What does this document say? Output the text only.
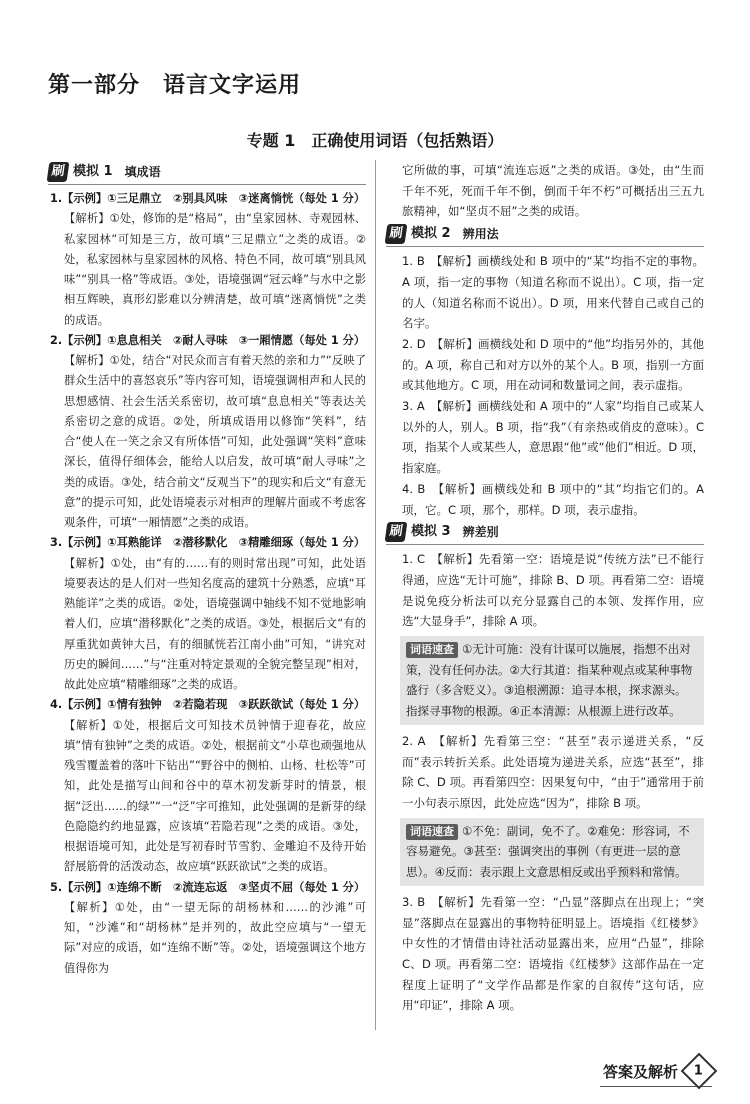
第一部分　语言文字运用
专题 1　正确使用词语（包括熟语）
刷 模拟 1 填成语

1.【示例】①三足鼎立　②别具风味　③迷离惝恍（每处 1 分）

【解析】①处，修饰的是“格局”，由“皇家园林、寺观园林、私家园林”可知是三方，故可填“三足鼎立”之类的成语。②处，私家园林与皇家园林的风格、特色不同，故可填“别具风味”“别具一格”等成语。③处，语境强调“冠云峰”与水中之影相互辉映，真形幻影难以分辨清楚，故可填“迷离惝恍”之类的成语。

2.【示例】①息息相关　②耐人寻味　③一厢情愿（每处 1 分）

【解析】①处，结合“对民众而言有着天然的亲和力”“反映了群众生活中的喜怒哀乐”等内容可知，语境强调相声和人民的思想感情、社会生活关系密切，故可填“息息相关”等表达关系密切之意的成语。②处，所填成语用以修饰“笑料”，结合“使人在一笑之余又有所体悟”可知，此处强调“笑料”意味深长，值得仔细体会，能给人以启发，故可填“耐人寻味”之类的成语。③处，结合前文“反观当下”的现实和后文“有意无意”的提示可知，此处语境表示对相声的理解片面或不考虑客观条件，可填“一厢情愿”之类的成语。

3.【示例】①耳熟能详　②潜移默化　③精雕细琢（每处 1 分）

【解析】①处，由“有的……有的则时常出现”可知，此处语境要表达的是人们对一些知名度高的建筑十分熟悉，应填“耳熟能详”之类的成语。②处，语境强调中轴线不知不觉地影响着人们，应填“潜移默化”之类的成语。③处，根据后文“有的厚重犹如黄钟大吕，有的细腻恍若江南小曲”可知，“讲究对历史的瞬间……”与“注重对特定景观的全貌完整呈现”相对，故此处应填“精雕细琢”之类的成语。

4.【示例】①情有独钟　②若隐若现　③跃跃欲试（每处 1 分）

【解析】①处，根据后文可知技术员钟情于迎春花，故应填“情有独钟”之类的成语。②处，根据前文“小草也顽强地从残雪覆盖着的落叶下钻出”“野谷中的侧柏、山杨、杜松等”可知，此处是描写山间和谷中的草木初发新芽时的情景，根据“泛出……的绿”“一“泛”字可推知，此处强调的是新芽的绿色隐隐约约地显露，应该填“若隐若现”之类的成语。③处，根据语境可知，此处是写初春时节雪豹、金雕迫不及待开始舒展筋骨的活泼动态，故应填“跃跃欲试”之类的成语。

5.【示例】①连绵不断　②流连忘返　③坚贞不屈（每处 1 分）

【解析】①处，由“一望无际的胡杨林和……的沙滩”可知，“沙滩”和“胡杨林”是并列的，故此空应填与“一望无际”对应的成语，如“连绵不断”等。②处，语境强调这个地方值得你为

它所做的事，可填“流连忘返”之类的成语。③处，由“生而千年不死，死而千年不倒，倒而千年不朽”可概括出三五九旅精神，如“坚贞不屈”之类的成语。

刷 模拟 2 辨用法

1. B　【解析】画横线处和 B 项中的“某”均指不定的事物。A 项，指一定的事物（知道名称而不说出）。C 项，指一定的人（知道名称而不说出）。D 项，用来代替自己或自己的名字。

2. D　【解析】画横线处和 D 项中的“他”均指另外的，其他的。A 项，称自己和对方以外的某个人。B 项，指别一方面或其他地方。C 项，用在动词和数量词之间，表示虚指。

3. A　【解析】画横线处和 A 项中的“人家”均指自己或某人以外的人，别人。B 项，指“我”（有亲热或俏皮的意味）。C 项，指某个人或某些人，意思跟“他”或“他们”相近。D 项，指家庭。

4. B　【解析】画横线处和 B 项中的“其”均指它们的。A 项，它。C 项，那个，那样。D 项，表示虚指。

刷 模拟 3 辨差别

1. C　【解析】先看第一空：语境是说“传统方法”已不能行得通，应选“无计可施”，排除 B、D 项。再看第二空：语境是说免疫分析法可以充分显露自己的本领、发挥作用，应选“大显身手”，排除 A 项。

词语速查 ①无计可施：没有计谋可以施展，指想不出对策，没有任何办法。②大行其道：指某种观点或某种事物盛行（多含贬义）。③追根溯源：追寻本根，探求源头。指探寻事物的根源。④正本清源：从根源上进行改革。

2. A　【解析】先看第三空：“甚至”表示递进关系，“反而”表示转折关系。此处语境为递进关系，应选“甚至”，排除 C、D 项。再看第四空：因果复句中，“由于”通常用于前一小句表示原因，此处应选“因为”，排除 B 项。

词语速查 ①不免：副词，免不了。②难免：形容词，不容易避免。③甚至：强调突出的事例（有更进一层的意思）。④反而：表示跟上文意思相反或出乎预料和常情。

3. B　【解析】先看第一空：“凸显”落脚点在出现上；“突显”落脚点在显露出的事物特征明显上。语境指《红楼梦》中女性的才情借由诗社活动显露出来，应用“凸显”，排除 C、D 项。再看第二空：语境指《红楼梦》这部作品在一定程度上证明了“文学作品都是作家的自叙传”这句话，应用“印证”，排除 A 项。

答案及解析 1
